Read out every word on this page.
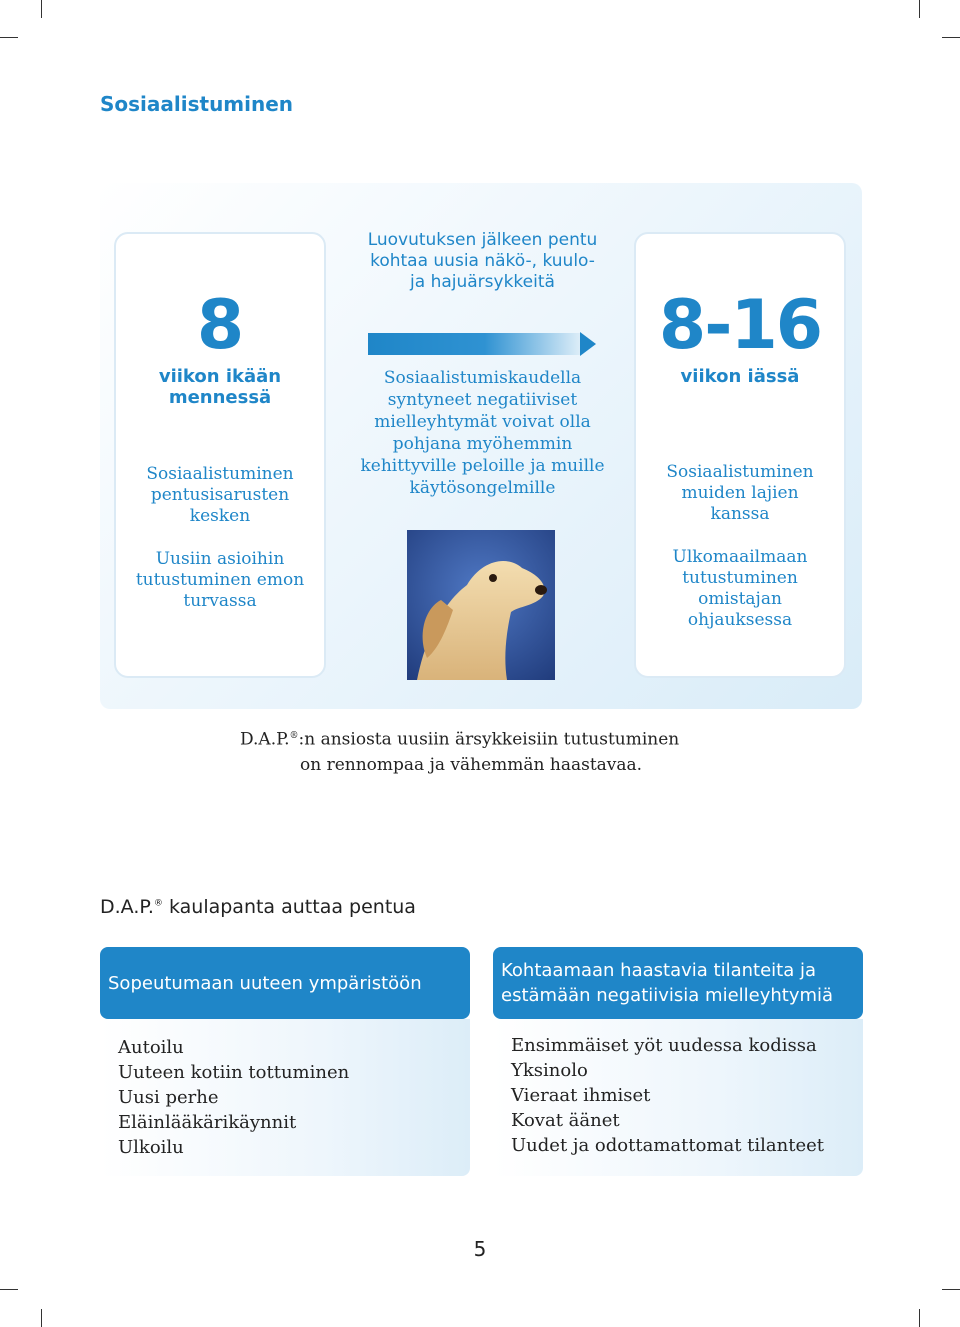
Sosiaalistuminen

8

viikon ikään mennessä

Sosiaalistuminen pentusisarusten kesken

Uusiin asioihin tutustuminen emon turvassa

Luovutuksen jälkeen pentu kohtaa uusia näkö-, kuulo- ja hajuärsykkeitä
Sosiaalistumiskaudella syntyneet negatiiviset mielleyhtymät voivat olla pohjana myöhemmin kehittyville peloille ja muille käytösongelmille

8-16

viikon iässä

Sosiaalistuminen muiden lajien kanssa

Ulkomaailmaan tutustuminen omistajan ohjauksessa

D.A.P.®:n ansiosta uusiin ärsykkeisiin tutustuminen
on rennompaa ja vähemmän haastavaa.
D.A.P.® kaulapanta auttaa pentua
Sopeutumaan uuteen ympäristöön
Autoilu
Uuteen kotiin tottuminen
Uusi perhe
Eläinlääkärikäynnit
Ulkoilu
Kohtaamaan haastavia tilanteita ja estämään negatiivisia mielleyhtymiä
Ensimmäiset yöt uudessa kodissa
Yksinolo
Vieraat ihmiset
Kovat äänet
Uudet ja odottamattomat tilanteet
5
